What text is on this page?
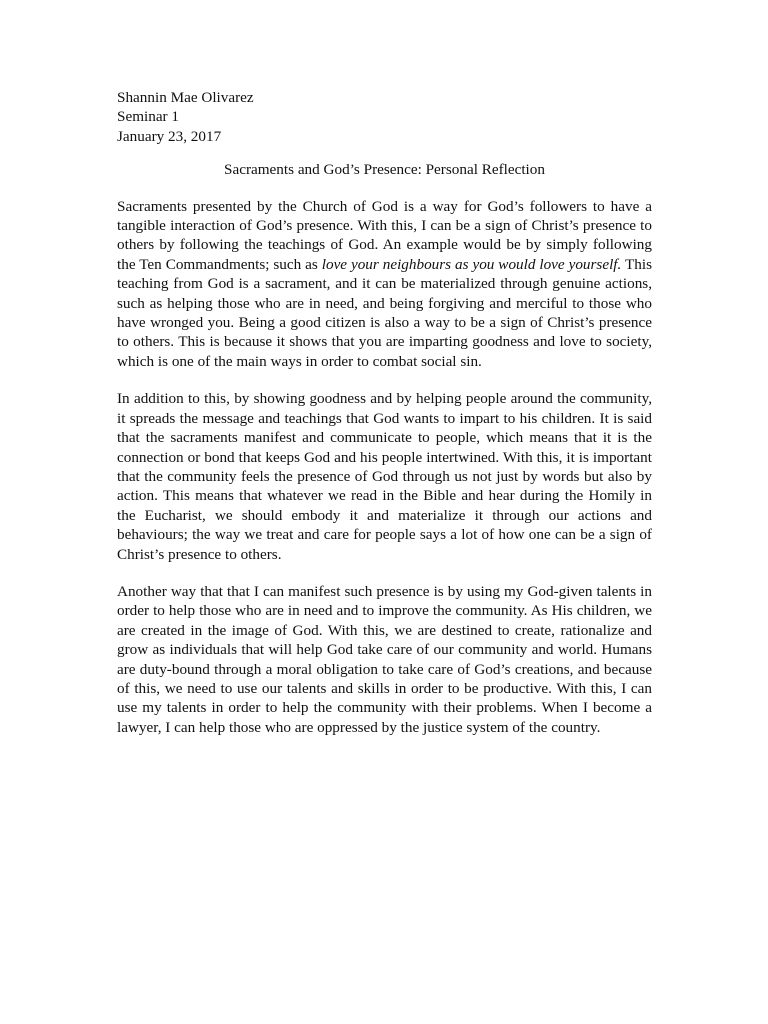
Shannin Mae Olivarez

Seminar 1

January 23, 2017

Sacraments and God’s Presence: Personal Reflection

Sacraments presented by the Church of God is a way for God’s followers to have a tangible interaction of God’s presence. With this, I can be a sign of Christ’s presence to others by following the teachings of God. An example would be by simply following the Ten Commandments; such as love your neighbours as you would love yourself. This teaching from God is a sacrament, and it can be materialized through genuine actions, such as helping those who are in need, and being forgiving and merciful to those who have wronged you. Being a good citizen is also a way to be a sign of Christ’s presence to others. This is because it shows that you are imparting goodness and love to society, which is one of the main ways in order to combat social sin.

In addition to this, by showing goodness and by helping people around the community, it spreads the message and teachings that God wants to impart to his children. It is said that the sacraments manifest and communicate to people, which means that it is the connection or bond that keeps God and his people intertwined. With this, it is important that the community feels the presence of God through us not just by words but also by action. This means that whatever we read in the Bible and hear during the Homily in the Eucharist, we should embody it and materialize it through our actions and behaviours; the way we treat and care for people says a lot of how one can be a sign of Christ’s presence to others.

Another way that that I can manifest such presence is by using my God-given talents in order to help those who are in need and to improve the community. As His children, we are created in the image of God. With this, we are destined to create, rationalize and grow as individuals that will help God take care of our community and world. Humans are duty-bound through a moral obligation to take care of God’s creations, and because of this, we need to use our talents and skills in order to be productive. With this, I can use my talents in order to help the community with their problems. When I become a lawyer, I can help those who are oppressed by the justice system of the country.
